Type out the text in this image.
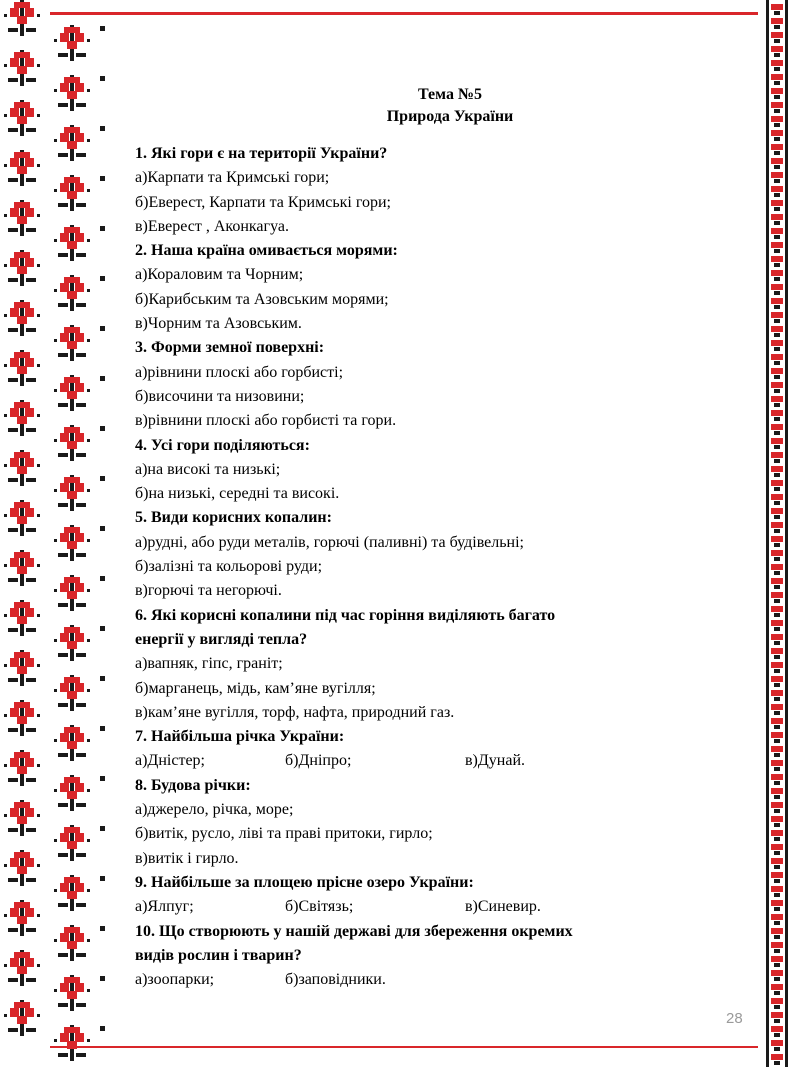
Тема №5
Природа України
1. Які гори є на території України?
а)Карпати та Кримські гори;
б)Еверест, Карпати та Кримські гори;
в)Еверест , Аконкагуа.
2. Наша країна омивається морями:
а)Кораловим та Чорним;
б)Карибським та Азовським морями;
в)Чорним та Азовським.
3. Форми земної поверхні:
а)рівнини плоскі або горбисті;
б)височини та низовини;
в)рівнини плоскі або горбисті та гори.
4. Усі гори поділяються:
а)на високі та низькі;
б)на низькі, середні та високі.
5. Види корисних копалин:
а)рудні, або руди металів, горючі (паливні) та будівельні;
б)залізні та кольорові руди;
в)горючі та негорючі.
6. Які корисні копалини під час горіння виділяють багато
енергії у вигляді тепла?
а)вапняк, гіпс, граніт;
б)марганець, мідь, кам’яне вугілля;
в)кам’яне вугілля, торф, нафта, природний газ.
7. Найбільша річка України:
а)Дністер;	б)Дніпро;	в)Дунай.
8. Будова річки:
а)джерело, річка, море;
б)витік, русло, ліві та праві притоки, гирло;
в)витік і гирло.
9. Найбільше за площею прісне озеро України:
а)Ялпуг;	б)Світязь;	в)Синевир.
10. Що створюють у нашій державі для збереження окремих
видів рослин і тварин?
а)зоопарки;	б)заповідники.
28
